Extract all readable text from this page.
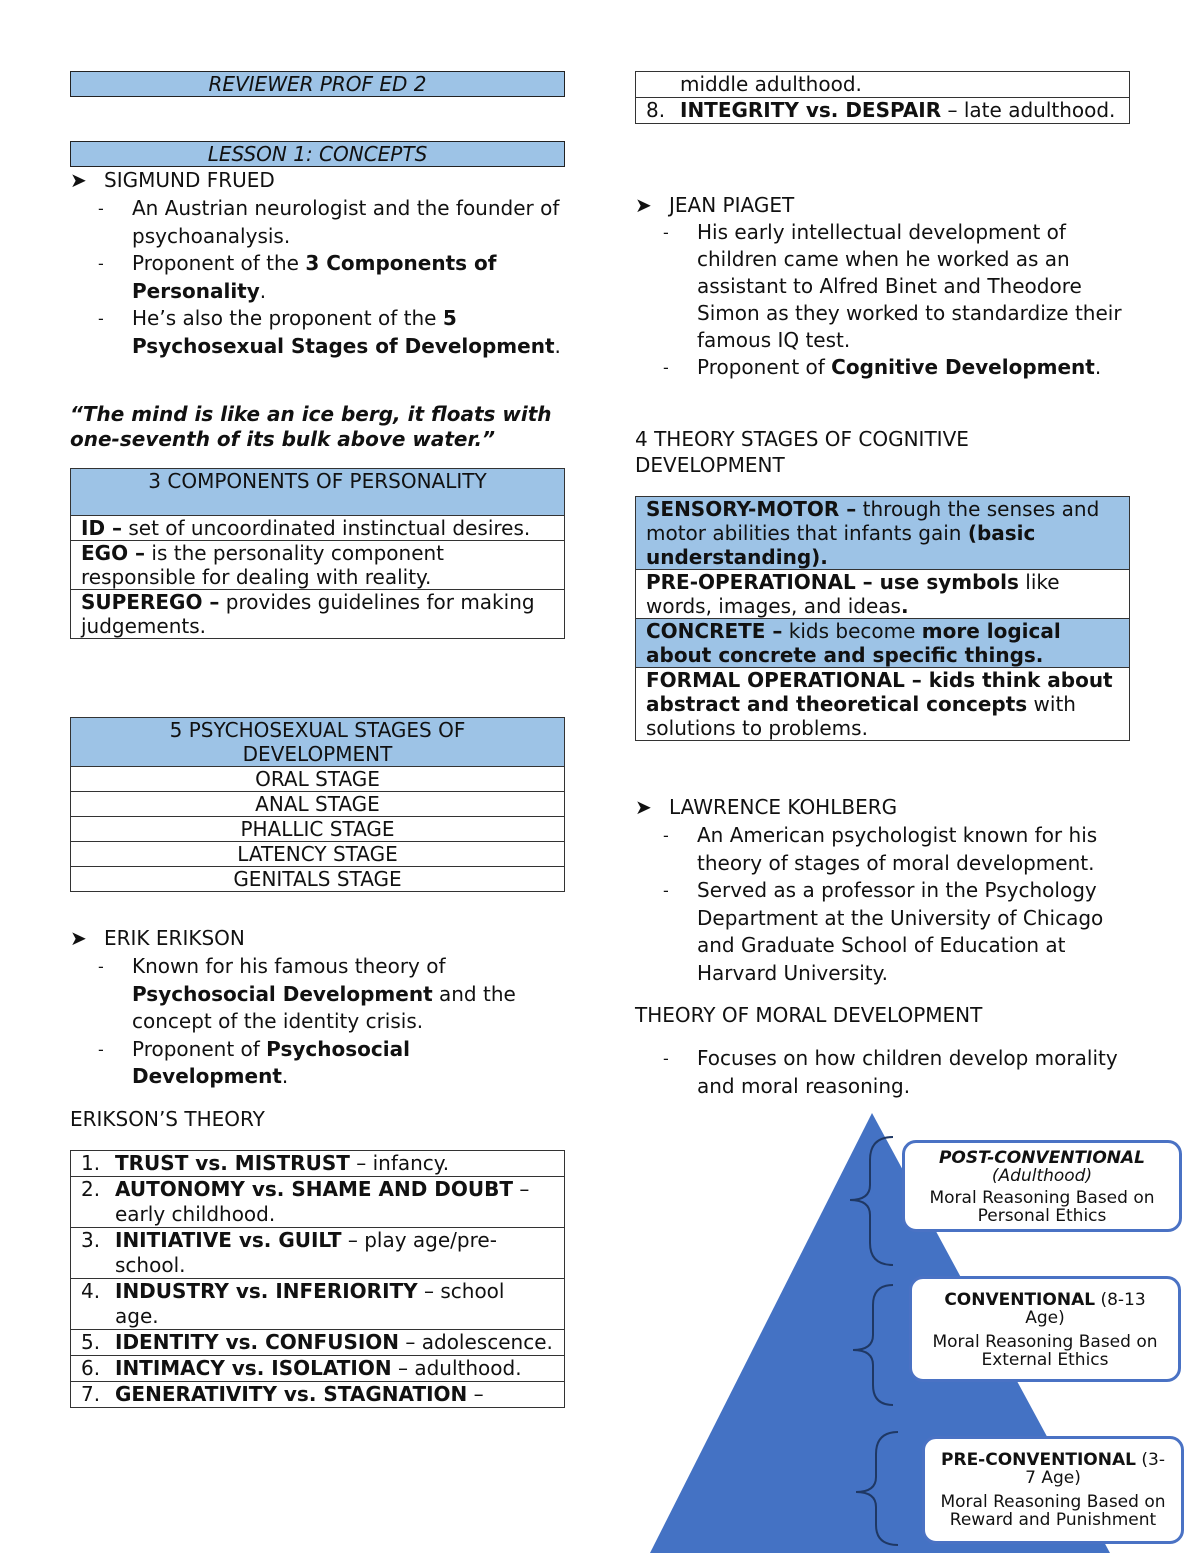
REVIEWER PROF ED 2
LESSON 1: CONCEPTS
➤ SIGMUND FRUED
- An Austrian neurologist and the founder of psychoanalysis.
- Proponent of the 3 Components of Personality.
- He’s also the proponent of the 5 Psychosexual Stages of Development.
“The mind is like an ice berg, it floats with one-seventh of its bulk above water.”
3 COMPONENTS OF PERSONALITY
ID – set of uncoordinated instinctual desires.
EGO – is the personality component responsible for dealing with reality.
SUPEREGO – provides guidelines for making judgements.
5 PSYCHOSEXUAL STAGES OF DEVELOPMENT
ORAL STAGE
ANAL STAGE
PHALLIC STAGE
LATENCY STAGE
GENITALS STAGE
➤ ERIK ERIKSON
- Known for his famous theory of Psychosocial Development and the concept of the identity crisis.
- Proponent of Psychosocial Development.
ERIKSON’S THEORY
1. TRUST vs. MISTRUST – infancy.

2. AUTONOMY vs. SHAME AND DOUBT – early childhood.

3. INITIATIVE vs. GUILT – play age/pre-school.

4. INDUSTRY vs. INFERIORITY – school age.

5. IDENTITY vs. CONFUSION – adolescence.

6. INTIMACY vs. ISOLATION – adulthood.

7. GENERATIVITY vs. STAGNATION –
middle adulthood.

8. INTEGRITY vs. DESPAIR – late adulthood.
➤ JEAN PIAGET
- His early intellectual development of children came when he worked as an assistant to Alfred Binet and Theodore Simon as they worked to standardize their famous IQ test.
- Proponent of Cognitive Development.
4 THEORY STAGES OF COGNITIVE DEVELOPMENT
SENSORY-MOTOR – through the senses and motor abilities that infants gain (basic understanding).
PRE-OPERATIONAL – use symbols like words, images, and ideas.
CONCRETE – kids become more logical about concrete and specific things.
FORMAL OPERATIONAL – kids think about abstract and theoretical concepts with solutions to problems.
➤ LAWRENCE KOHLBERG
- An American psychologist known for his theory of stages of moral development.
- Served as a professor in the Psychology Department at the University of Chicago and Graduate School of Education at Harvard University.
THEORY OF MORAL DEVELOPMENT
- Focuses on how children develop morality and moral reasoning.

POST-CONVENTIONAL

(Adulthood)

Moral Reasoning Based on Personal Ethics

CONVENTIONAL (8-13 Age)

Moral Reasoning Based on External Ethics

PRE-CONVENTIONAL (3-7 Age)

Moral Reasoning Based on Reward and Punishment
